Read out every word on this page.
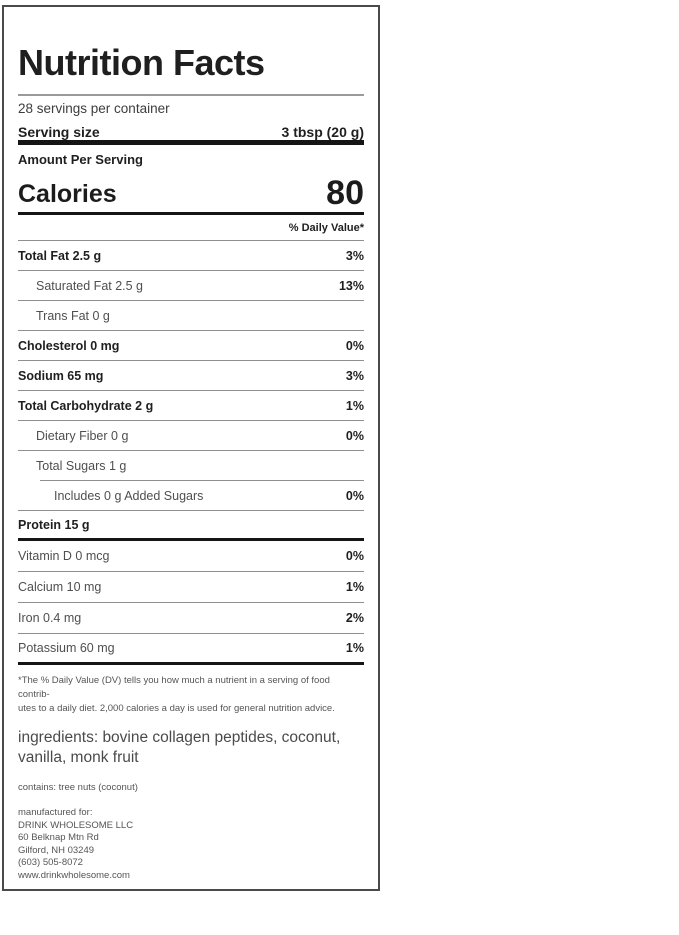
Nutrition Facts
28 servings per container
Serving size	3 tbsp (20 g)
Amount Per Serving
Calories	80
% Daily Value*
Total Fat 2.5 g	3%
Saturated Fat 2.5 g	13%
Trans Fat 0 g
Cholesterol 0 mg	0%
Sodium 65 mg	3%
Total Carbohydrate 2 g	1%
Dietary Fiber 0 g	0%
Total Sugars 1 g
Includes 0 g Added Sugars	0%
Protein 15 g
Vitamin D 0 mcg	0%
Calcium 10 mg	1%
Iron 0.4 mg	2%
Potassium 60 mg	1%
*The % Daily Value (DV) tells you how much a nutrient in a serving of food contrib-
utes to a daily diet. 2,000 calories a day is used for general nutrition advice.
ingredients: bovine collagen peptides, coconut, vanilla, monk fruit
contains: tree nuts (coconut)
manufactured for:
DRINK WHOLESOME LLC
60 Belknap Mtn Rd
Gilford, NH 03249
(603) 505-8072
www.drinkwholesome.com
